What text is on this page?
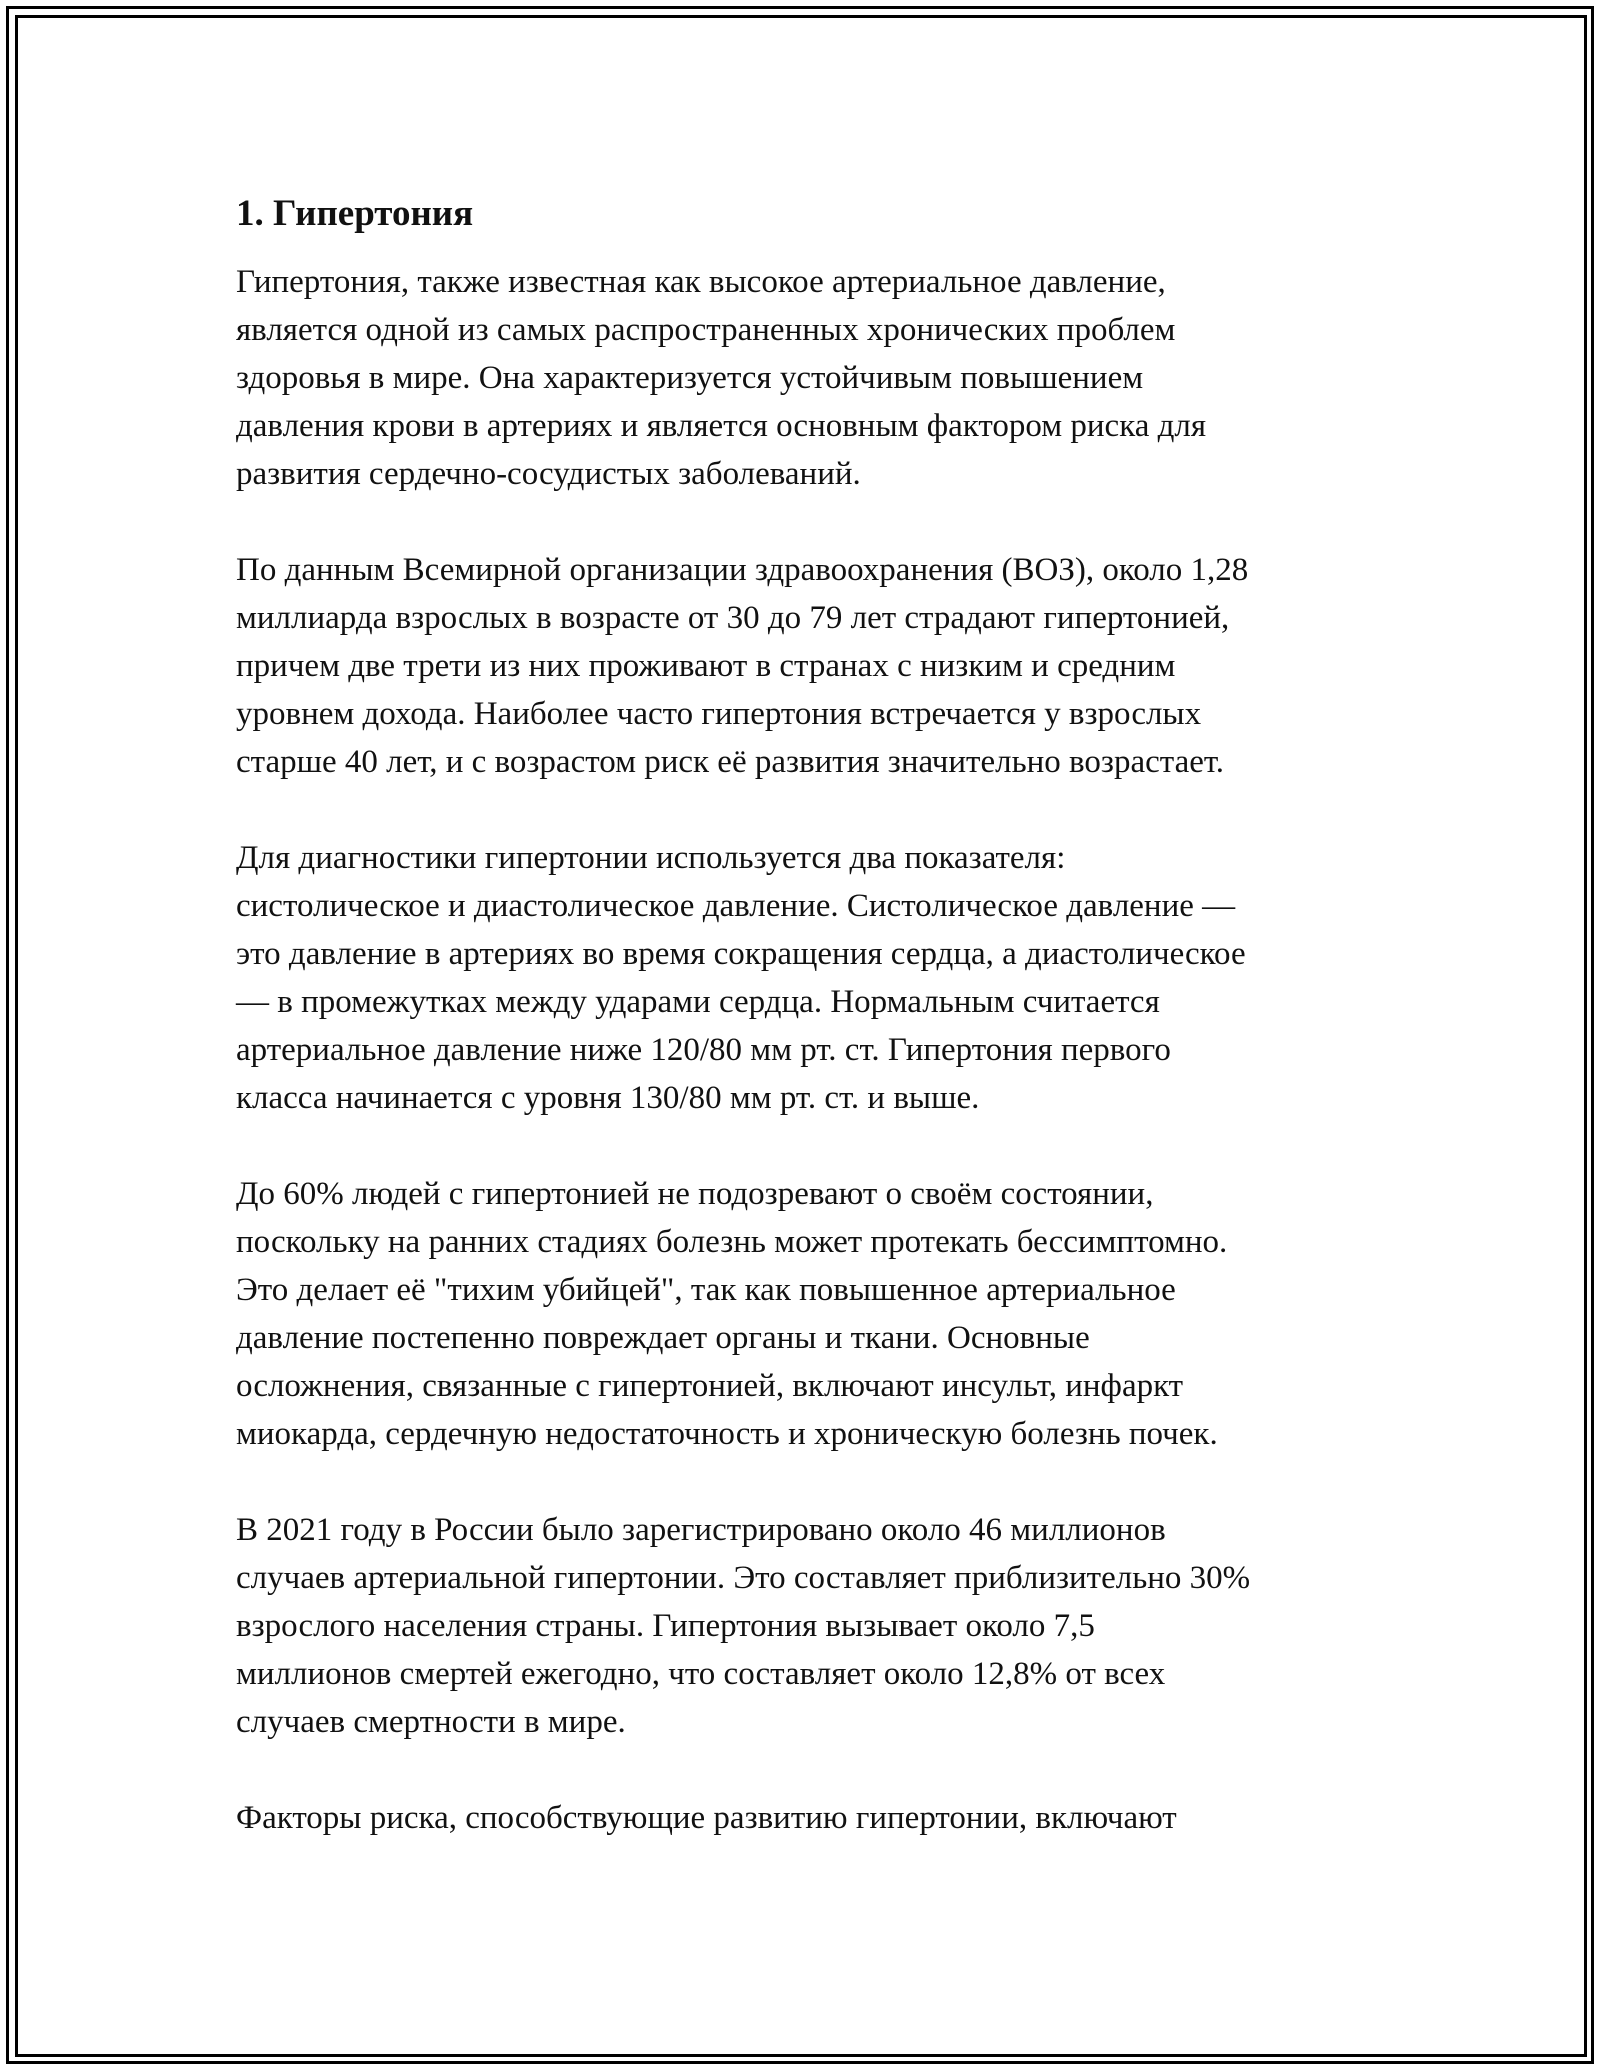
1. Гипертония
Гипертония, также известная как высокое артериальное давление,
является одной из самых распространенных хронических проблем
здоровья в мире. Она характеризуется устойчивым повышением
давления крови в артериях и является основным фактором риска для
развития сердечно-сосудистых заболеваний.
По данным Всемирной организации здравоохранения (ВОЗ), около 1,28
миллиарда взрослых в возрасте от 30 до 79 лет страдают гипертонией,
причем две трети из них проживают в странах с низким и средним
уровнем дохода. Наиболее часто гипертония встречается у взрослых
старше 40 лет, и с возрастом риск её развития значительно возрастает.
Для диагностики гипертонии используется два показателя:
систолическое и диастолическое давление. Систолическое давление —
это давление в артериях во время сокращения сердца, а диастолическое
— в промежутках между ударами сердца. Нормальным считается
артериальное давление ниже 120/80 мм рт. ст. Гипертония первого
класса начинается с уровня 130/80 мм рт. ст. и выше.
До 60% людей с гипертонией не подозревают о своём состоянии,
поскольку на ранних стадиях болезнь может протекать бессимптомно.
Это делает её "тихим убийцей", так как повышенное артериальное
давление постепенно повреждает органы и ткани. Основные
осложнения, связанные с гипертонией, включают инсульт, инфаркт
миокарда, сердечную недостаточность и хроническую болезнь почек.
В 2021 году в России было зарегистрировано около 46 миллионов
случаев артериальной гипертонии. Это составляет приблизительно 30%
взрослого населения страны. Гипертония вызывает около 7,5
миллионов смертей ежегодно, что составляет около 12,8% от всех
случаев смертности в мире.
Факторы риска, способствующие развитию гипертонии, включают
